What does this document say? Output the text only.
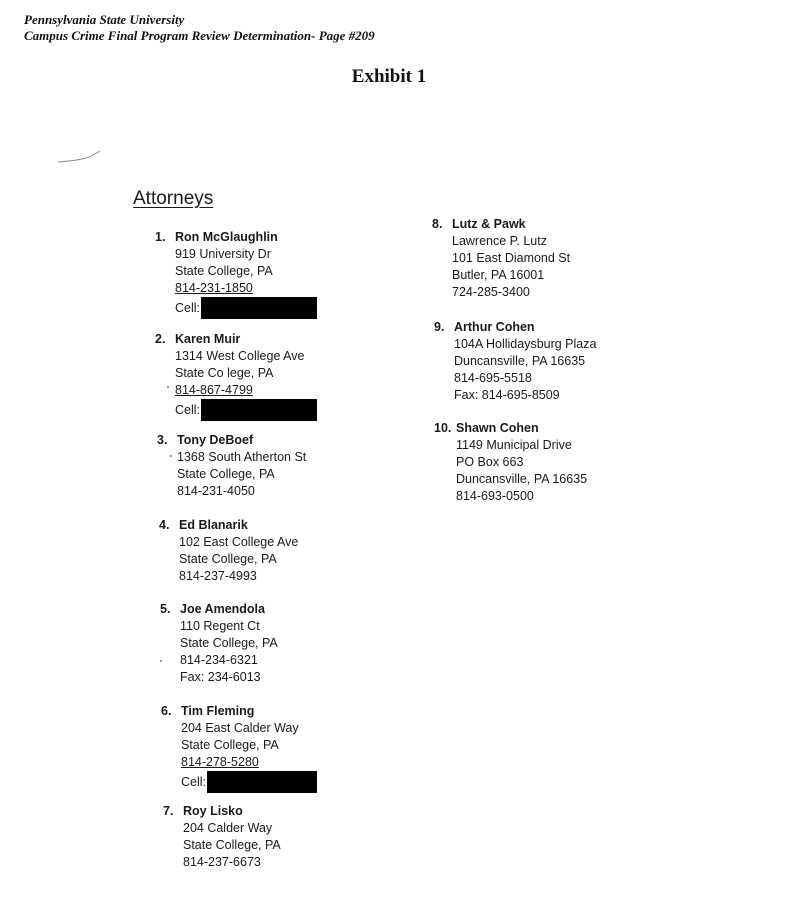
Pennsylvania State University
Campus Crime Final Program Review Determination- Page #209
Exhibit 1
Attorneys
1. Ron McGlaughlin
919 University Dr
State College, PA
814-231-1850
Cell:
2. Karen Muir
1314 West College Ave
State Co lege, PA
814-867-4799
Cell:
3. Tony DeBoef
1368 South Atherton St
State College, PA
814-231-4050
4. Ed Blanarik
102 East College Ave
State College, PA
814-237-4993
5. Joe Amendola
110 Regent Ct
State College, PA
814-234-6321
Fax: 234-6013
6. Tim Fleming
204 East Calder Way
State College, PA
814-278-5280
Cell:
7. Roy Lisko
204 Calder Way
State College, PA
814-237-6673
8. Lutz & Pawk
Lawrence P. Lutz
101 East Diamond St
Butler, PA 16001
724-285-3400
9. Arthur Cohen
104A Hollidaysburg Plaza
Duncansville, PA 16635
814-695-5518
Fax: 814-695-8509
10. Shawn Cohen
1149 Municipal Drive
PO Box 663
Duncansville, PA 16635
814-693-0500
